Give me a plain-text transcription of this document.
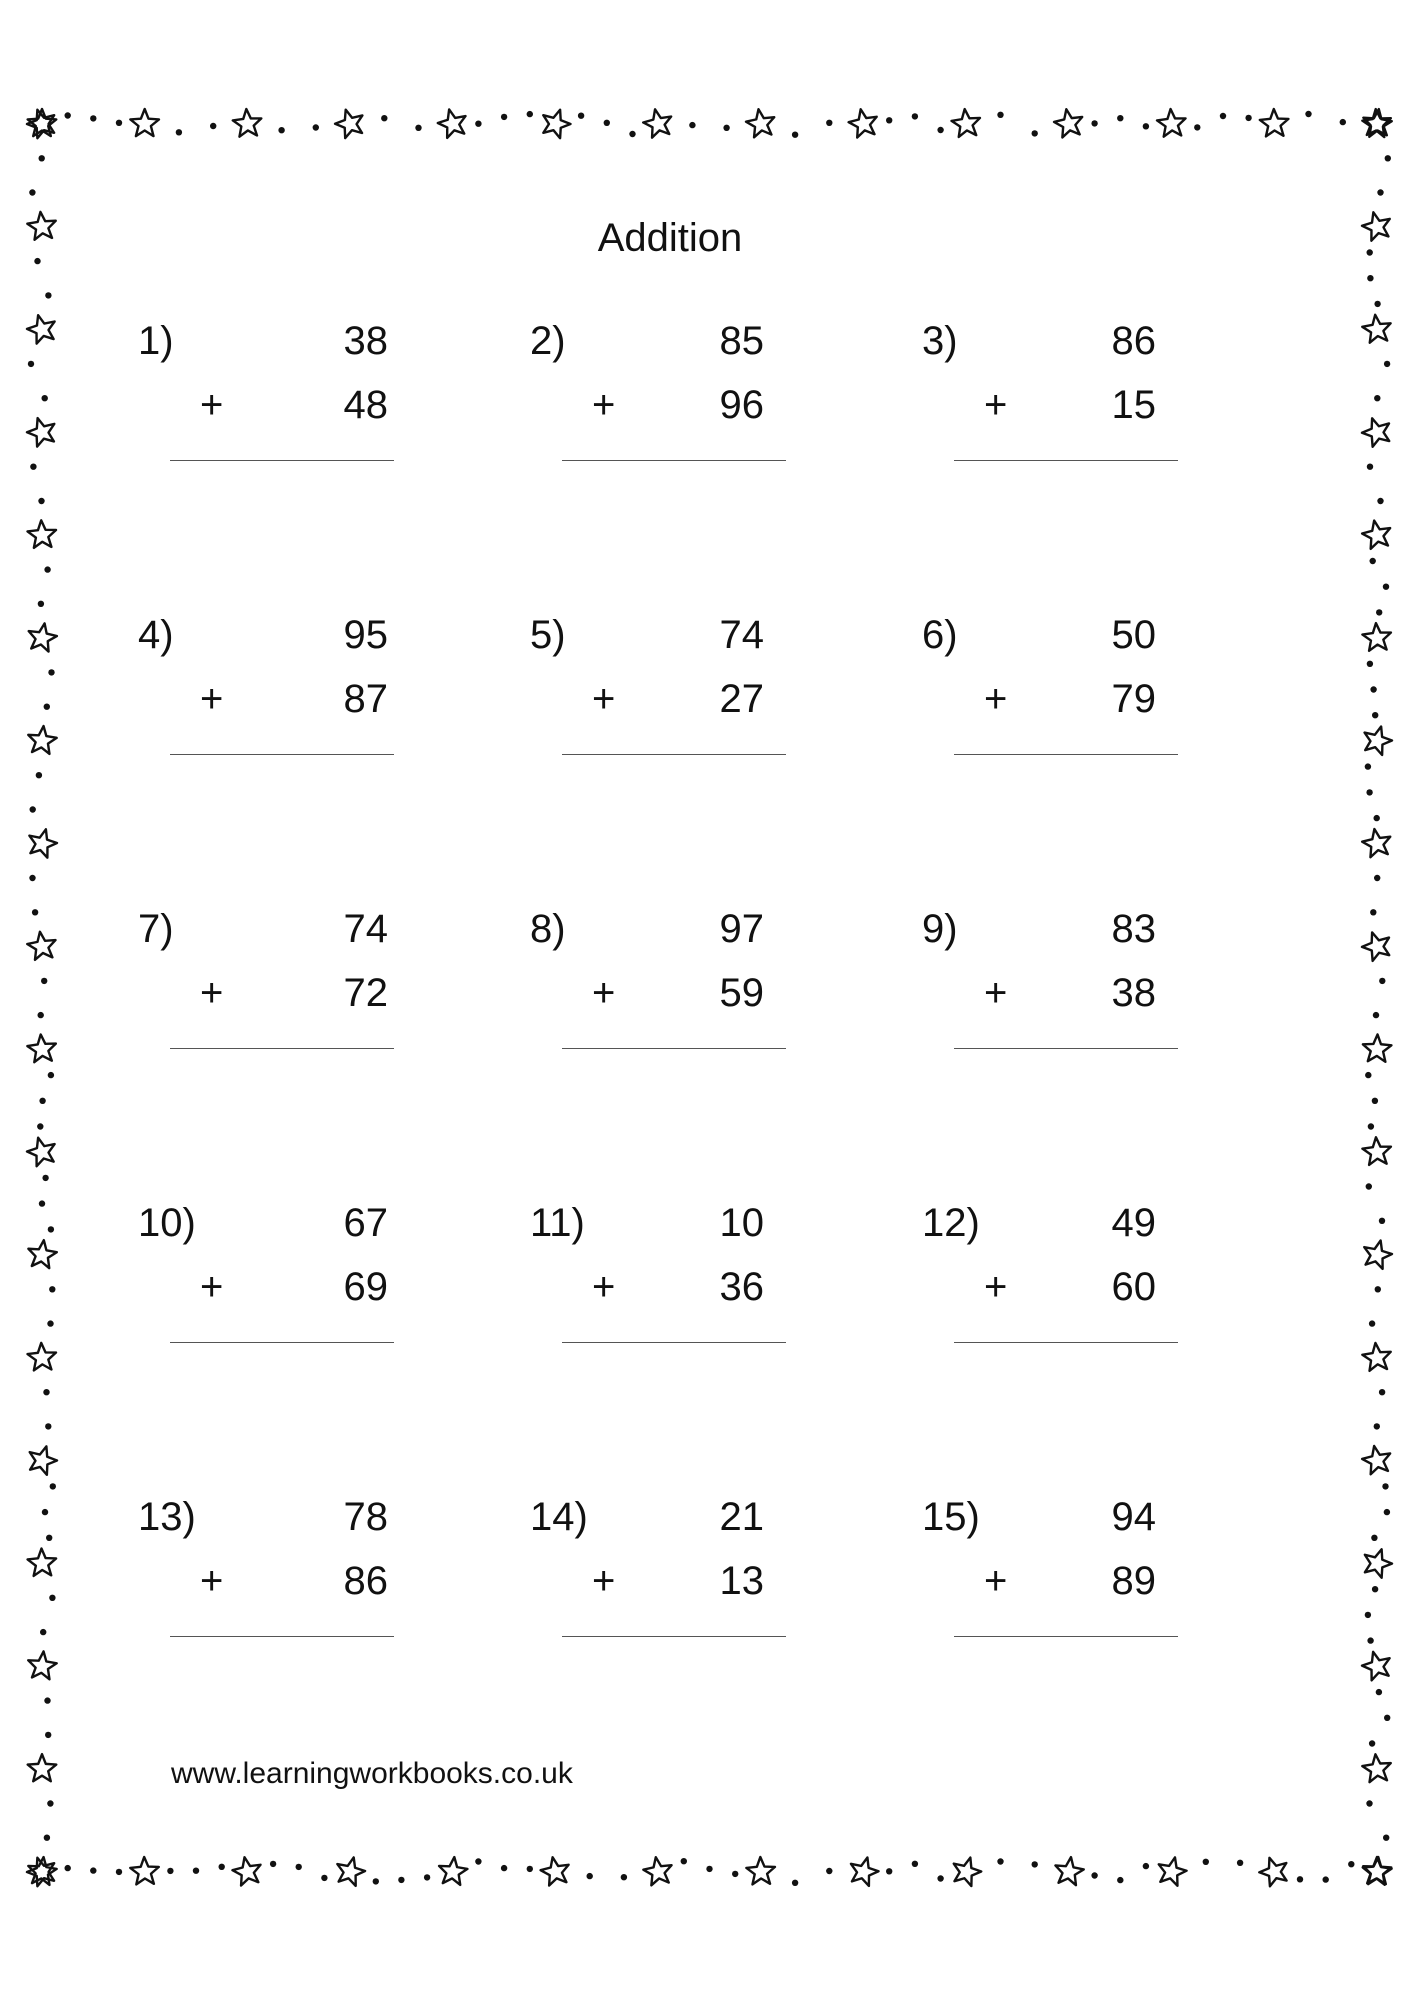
Addition
1)	38
+	48
2)	85
+	96
3)	86
+	15
4)	95
+	87
5)	74
+	27
6)	50
+	79
7)	74
+	72
8)	97
+	59
9)	83
+	38
10)	67
+	69
11)	10
+	36
12)	49
+	60
13)	78
+	86
14)	21
+	13
15)	94
+	89
www.learningworkbooks.co.uk
